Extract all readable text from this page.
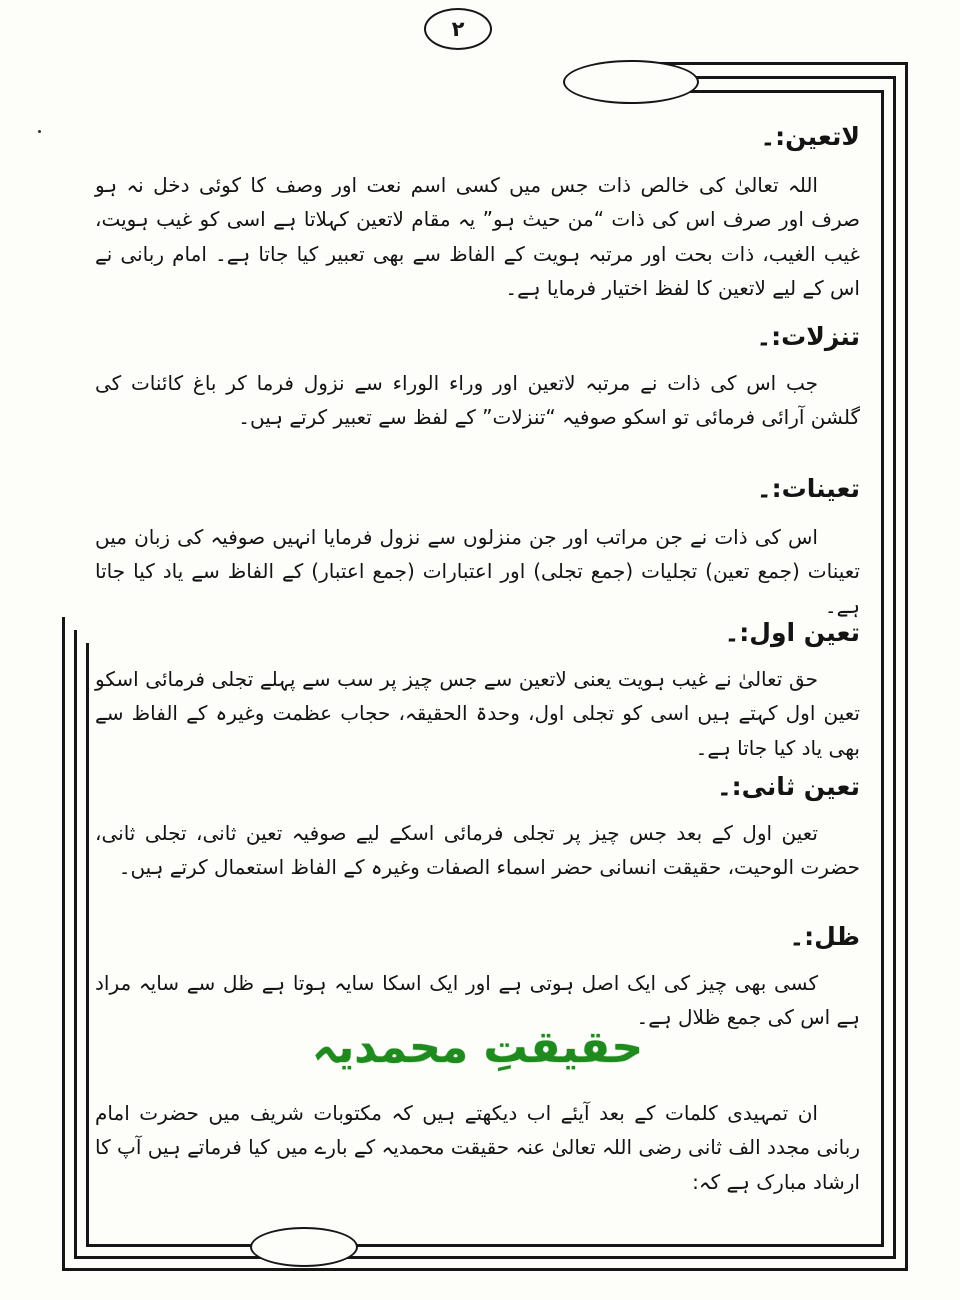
٢
لاتعین:۔
اللہ تعالیٰ کی خالص ذات جس میں کسی اسم نعت اور وصف کا کوئی دخل نہ ہو صرف اور صرف اس کی ذات “من حیث ہو” یہ مقام لاتعین کہلاتا ہے اسی کو غیب ہویت، غیب الغیب، ذات بحت اور مرتبہ ہویت کے الفاظ سے بھی تعبیر کیا جاتا ہے۔ امام ربانی نے اس کے لیے لاتعین کا لفظ اختیار فرمایا ہے۔
تنزلات:۔
جب اس کی ذات نے مرتبہ لاتعین اور وراء الوراء سے نزول فرما کر باغ کائنات کی گلشن آرائی فرمائی تو اسکو صوفیہ “تنزلات” کے لفظ سے تعبیر کرتے ہیں۔
تعینات:۔
اس کی ذات نے جن مراتب اور جن منزلوں سے نزول فرمایا انہیں صوفیہ کی زبان میں تعینات (جمع تعین) تجلیات (جمع تجلی) اور اعتبارات (جمع اعتبار) کے الفاظ سے یاد کیا جاتا ہے۔
تعین اول:۔
حق تعالیٰ نے غیب ہویت یعنی لاتعین سے جس چیز پر سب سے پہلے تجلی فرمائی اسکو تعین اول کہتے ہیں اسی کو تجلی اول، وحدۃ الحقیقہ، حجاب عظمت وغیرہ کے الفاظ سے بھی یاد کیا جاتا ہے۔
تعین ثانی:۔
تعین اول کے بعد جس چیز پر تجلی فرمائی اسکے لیے صوفیہ تعین ثانی، تجلی ثانی، حضرت الوحیت، حقیقت انسانی حضر اسماء الصفات وغیرہ کے الفاظ استعمال کرتے ہیں۔
ظل:۔
کسی بھی چیز کی ایک اصل ہوتی ہے اور ایک اسکا سایہ ہوتا ہے ظل سے سایہ مراد ہے اس کی جمع ظلال ہے۔
حقیقتِ محمدیہ
ان تمہیدی کلمات کے بعد آیئے اب دیکھتے ہیں کہ مکتوبات شریف میں حضرت امام ربانی مجدد الف ثانی رضی اللہ تعالیٰ عنہ حقیقت محمدیہ کے بارے میں کیا فرماتے ہیں آپ کا ارشاد مبارک ہے کہ:
